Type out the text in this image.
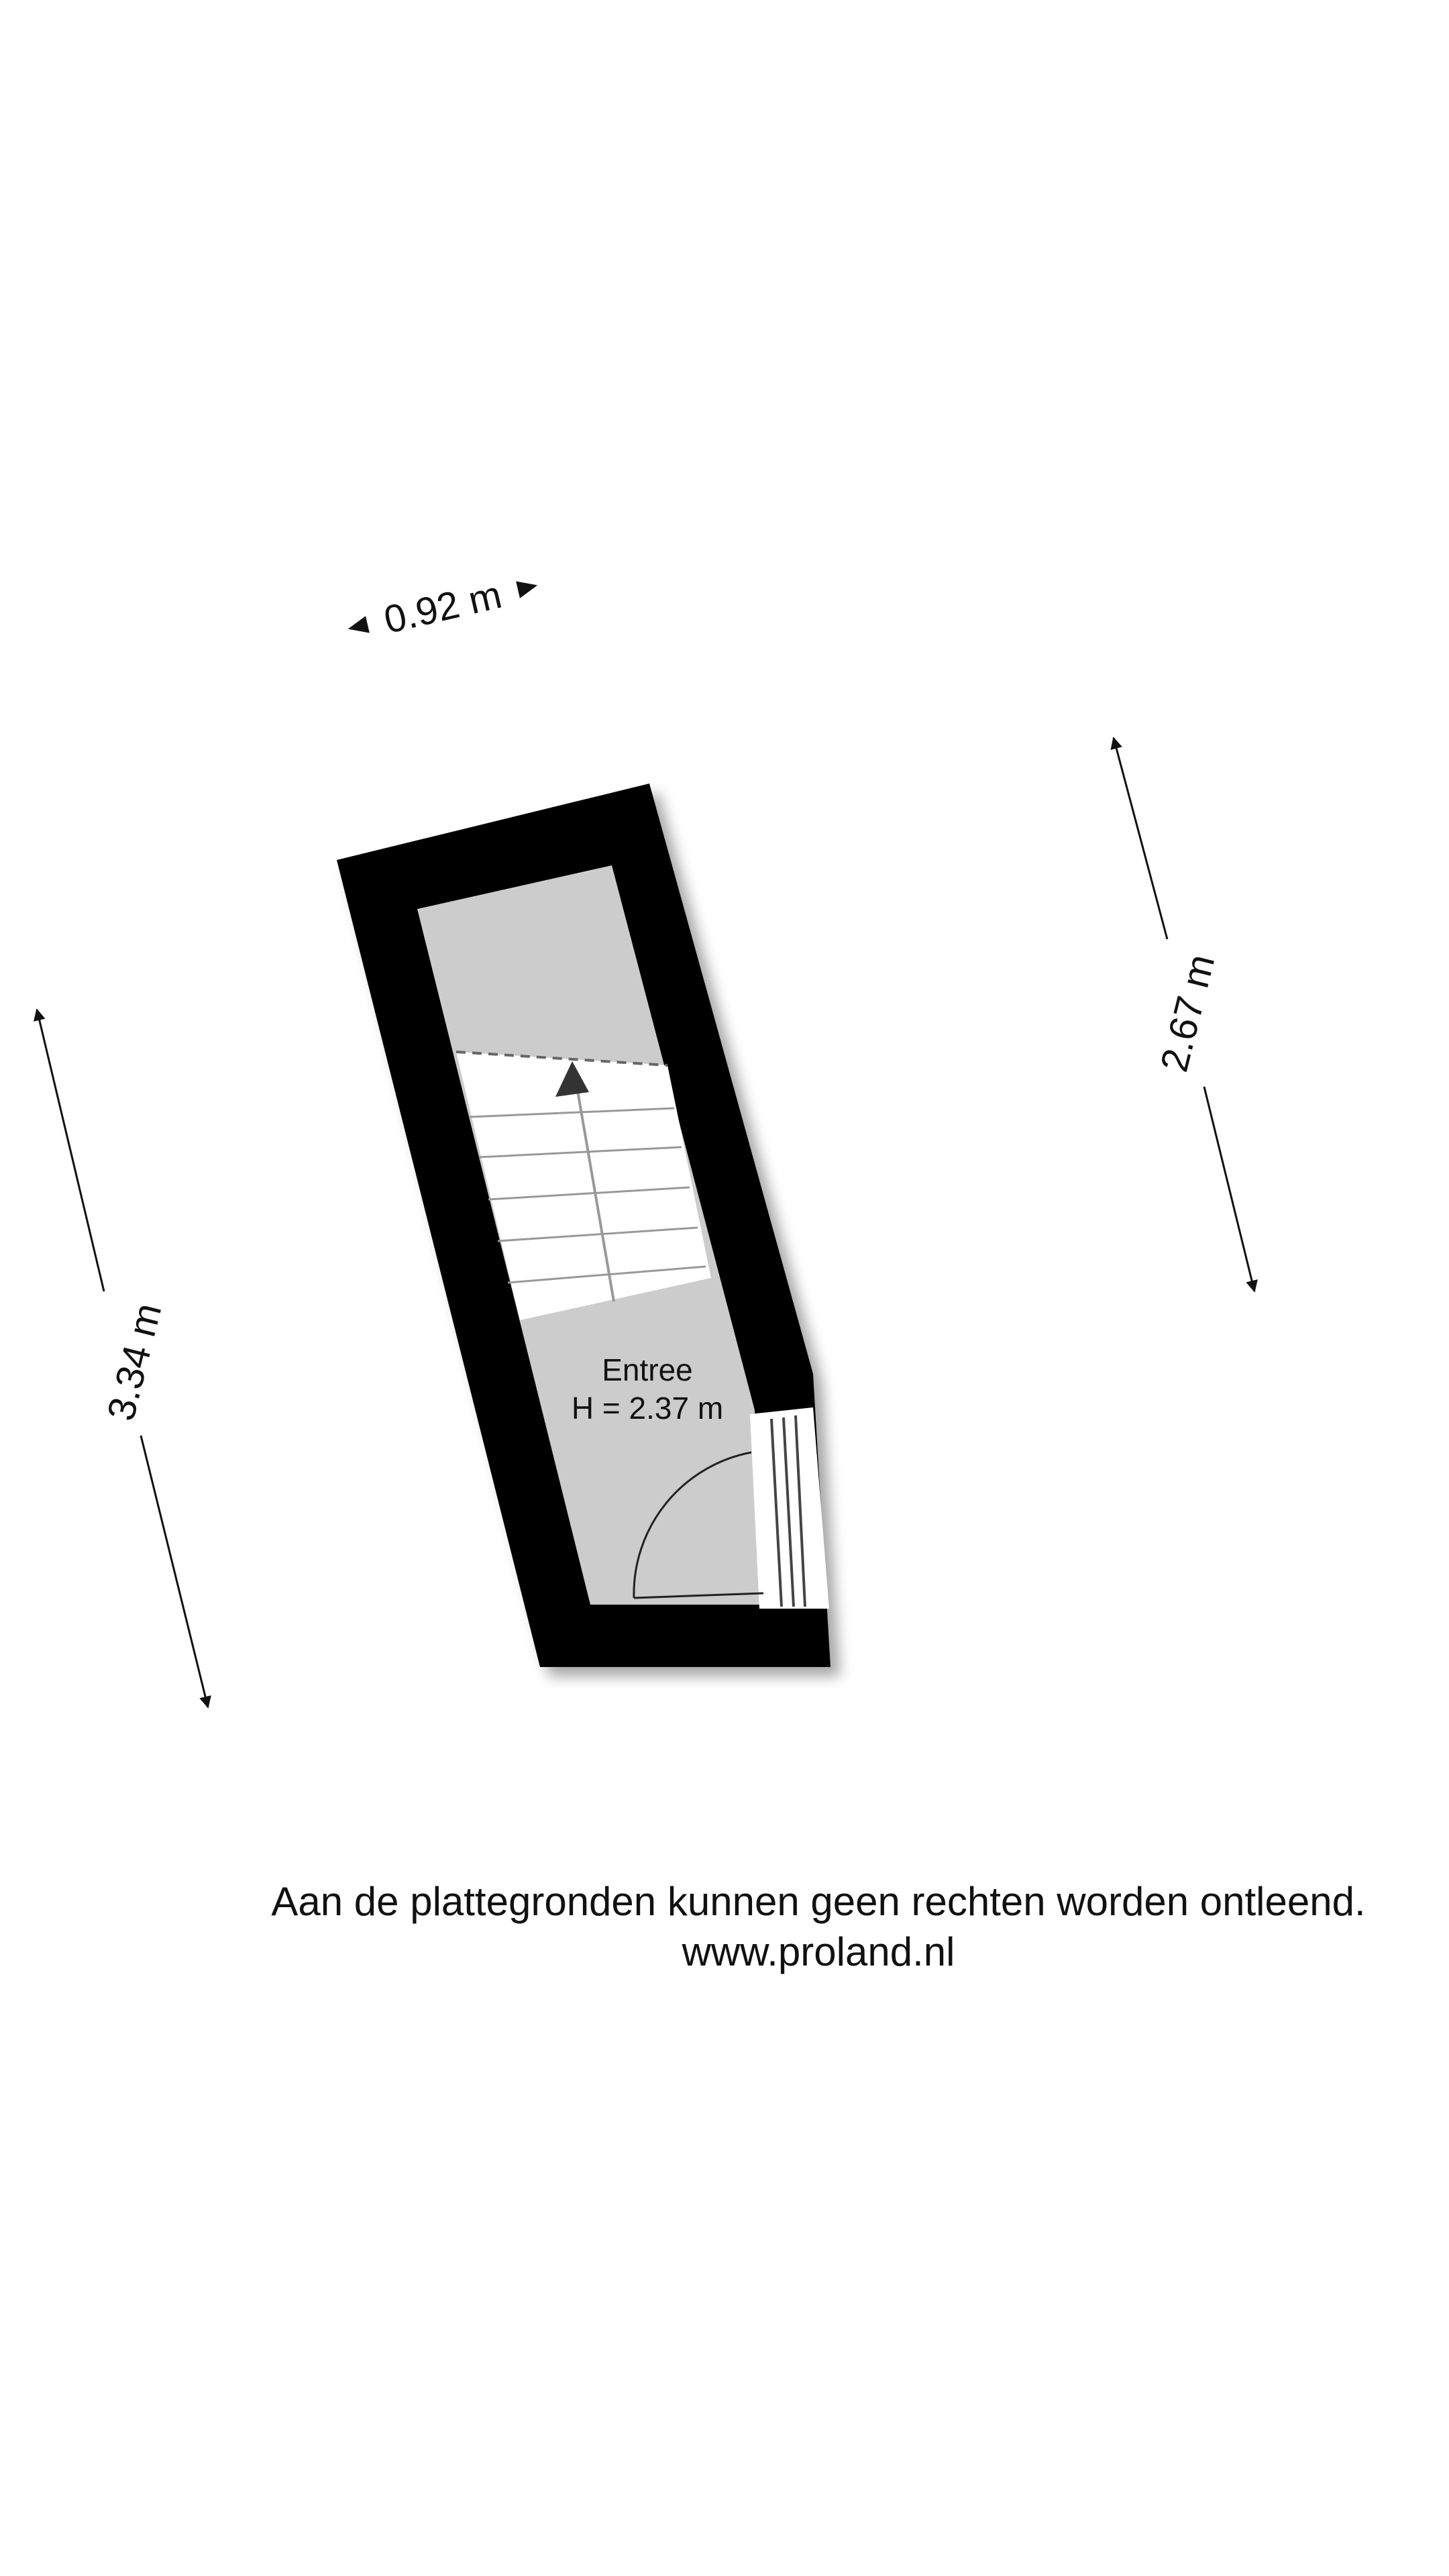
Entree
H = 2.37 m
0.92 m
3.34 m
2.67 m
Aan de plattegronden kunnen geen rechten worden ontleend.
www.proland.nl
